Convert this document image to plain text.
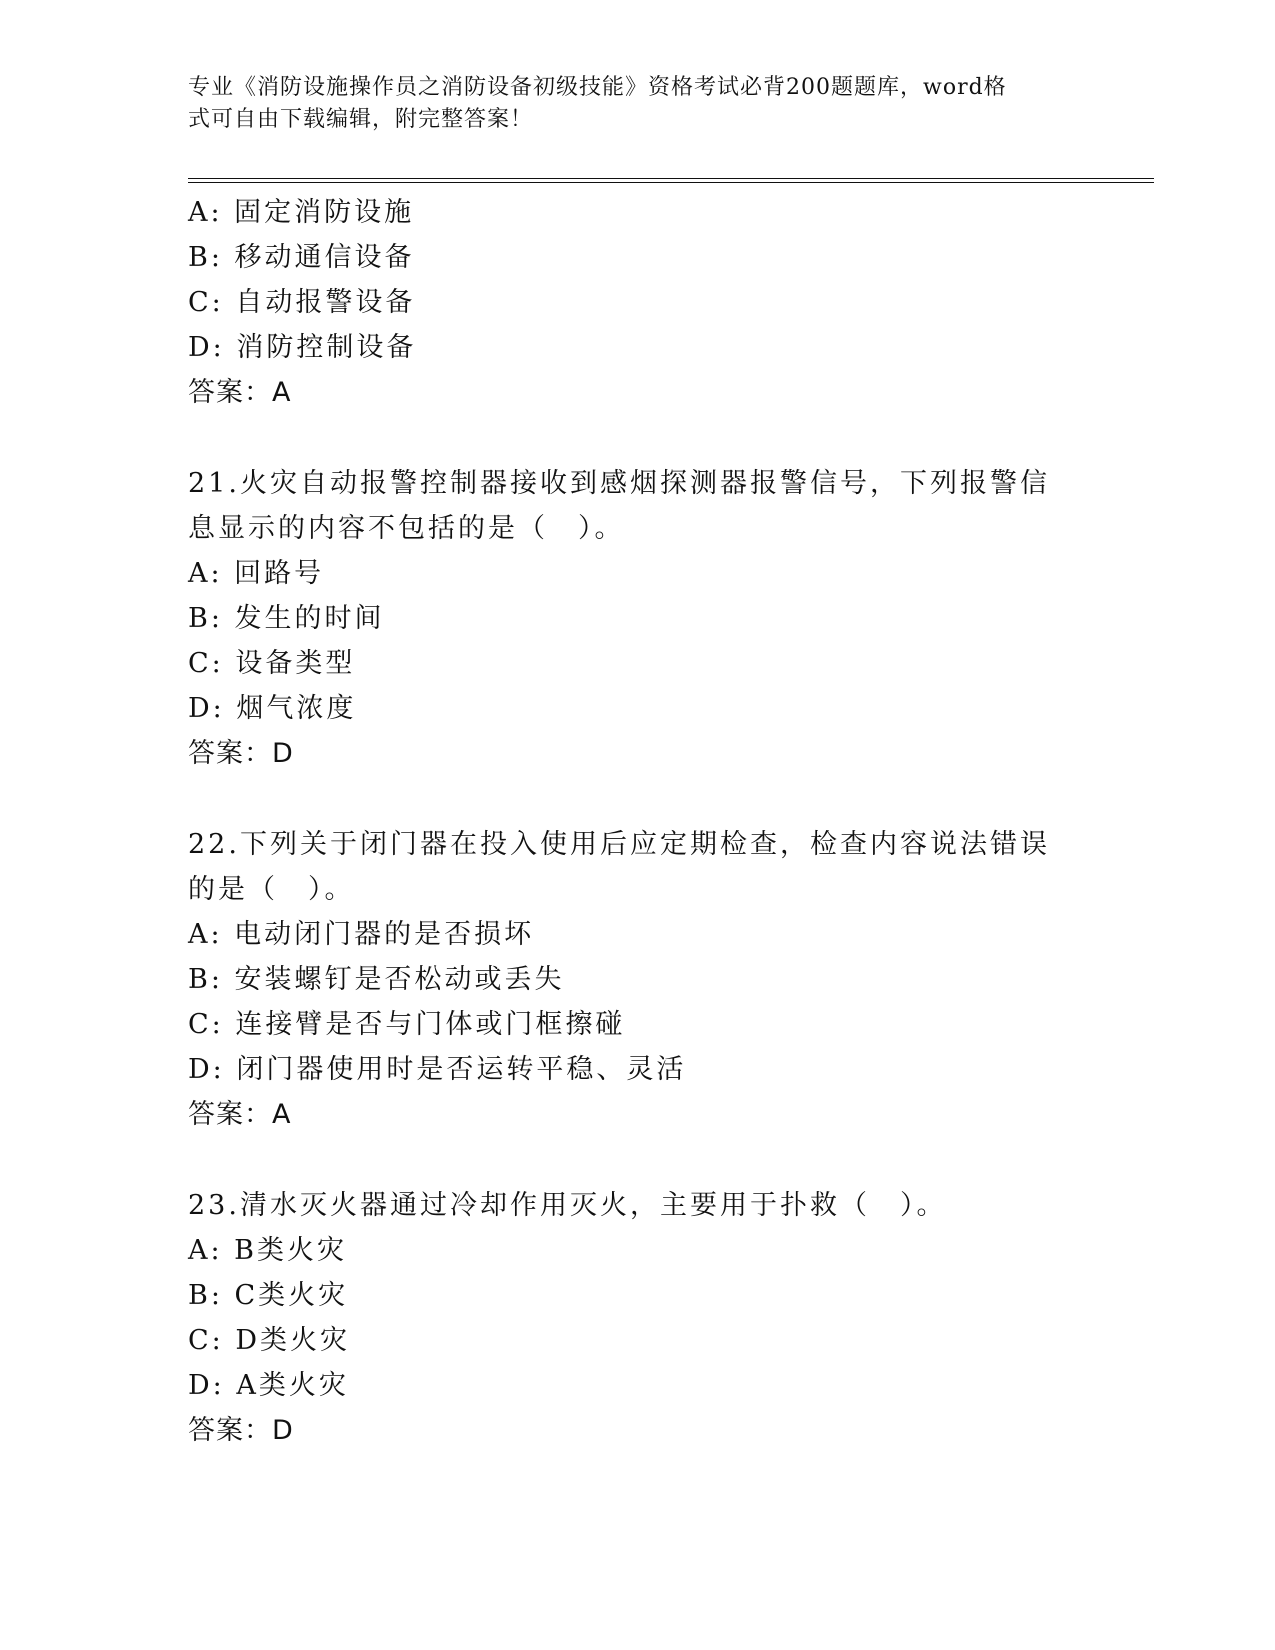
专业《消防设施操作员之消防设备初级技能》资格考试必背200题题库，word格
式可自由下载编辑，附完整答案！
A: 固定消防设施
B: 移动通信设备
C: 自动报警设备
D: 消防控制设备
答案：A
21.火灾自动报警控制器接收到感烟探测器报警信号，下列报警信息显示的内容不包括的是（　）。
A: 回路号
B: 发生的时间
C: 设备类型
D: 烟气浓度
答案：D
22.下列关于闭门器在投入使用后应定期检查，检查内容说法错误的是（　）。
A: 电动闭门器的是否损坏
B: 安装螺钉是否松动或丢失
C: 连接臂是否与门体或门框擦碰
D: 闭门器使用时是否运转平稳、灵活
答案：A
23.清水灭火器通过冷却作用灭火，主要用于扑救（　）。
A: B类火灾
B: C类火灾
C: D类火灾
D: A类火灾
答案：D
